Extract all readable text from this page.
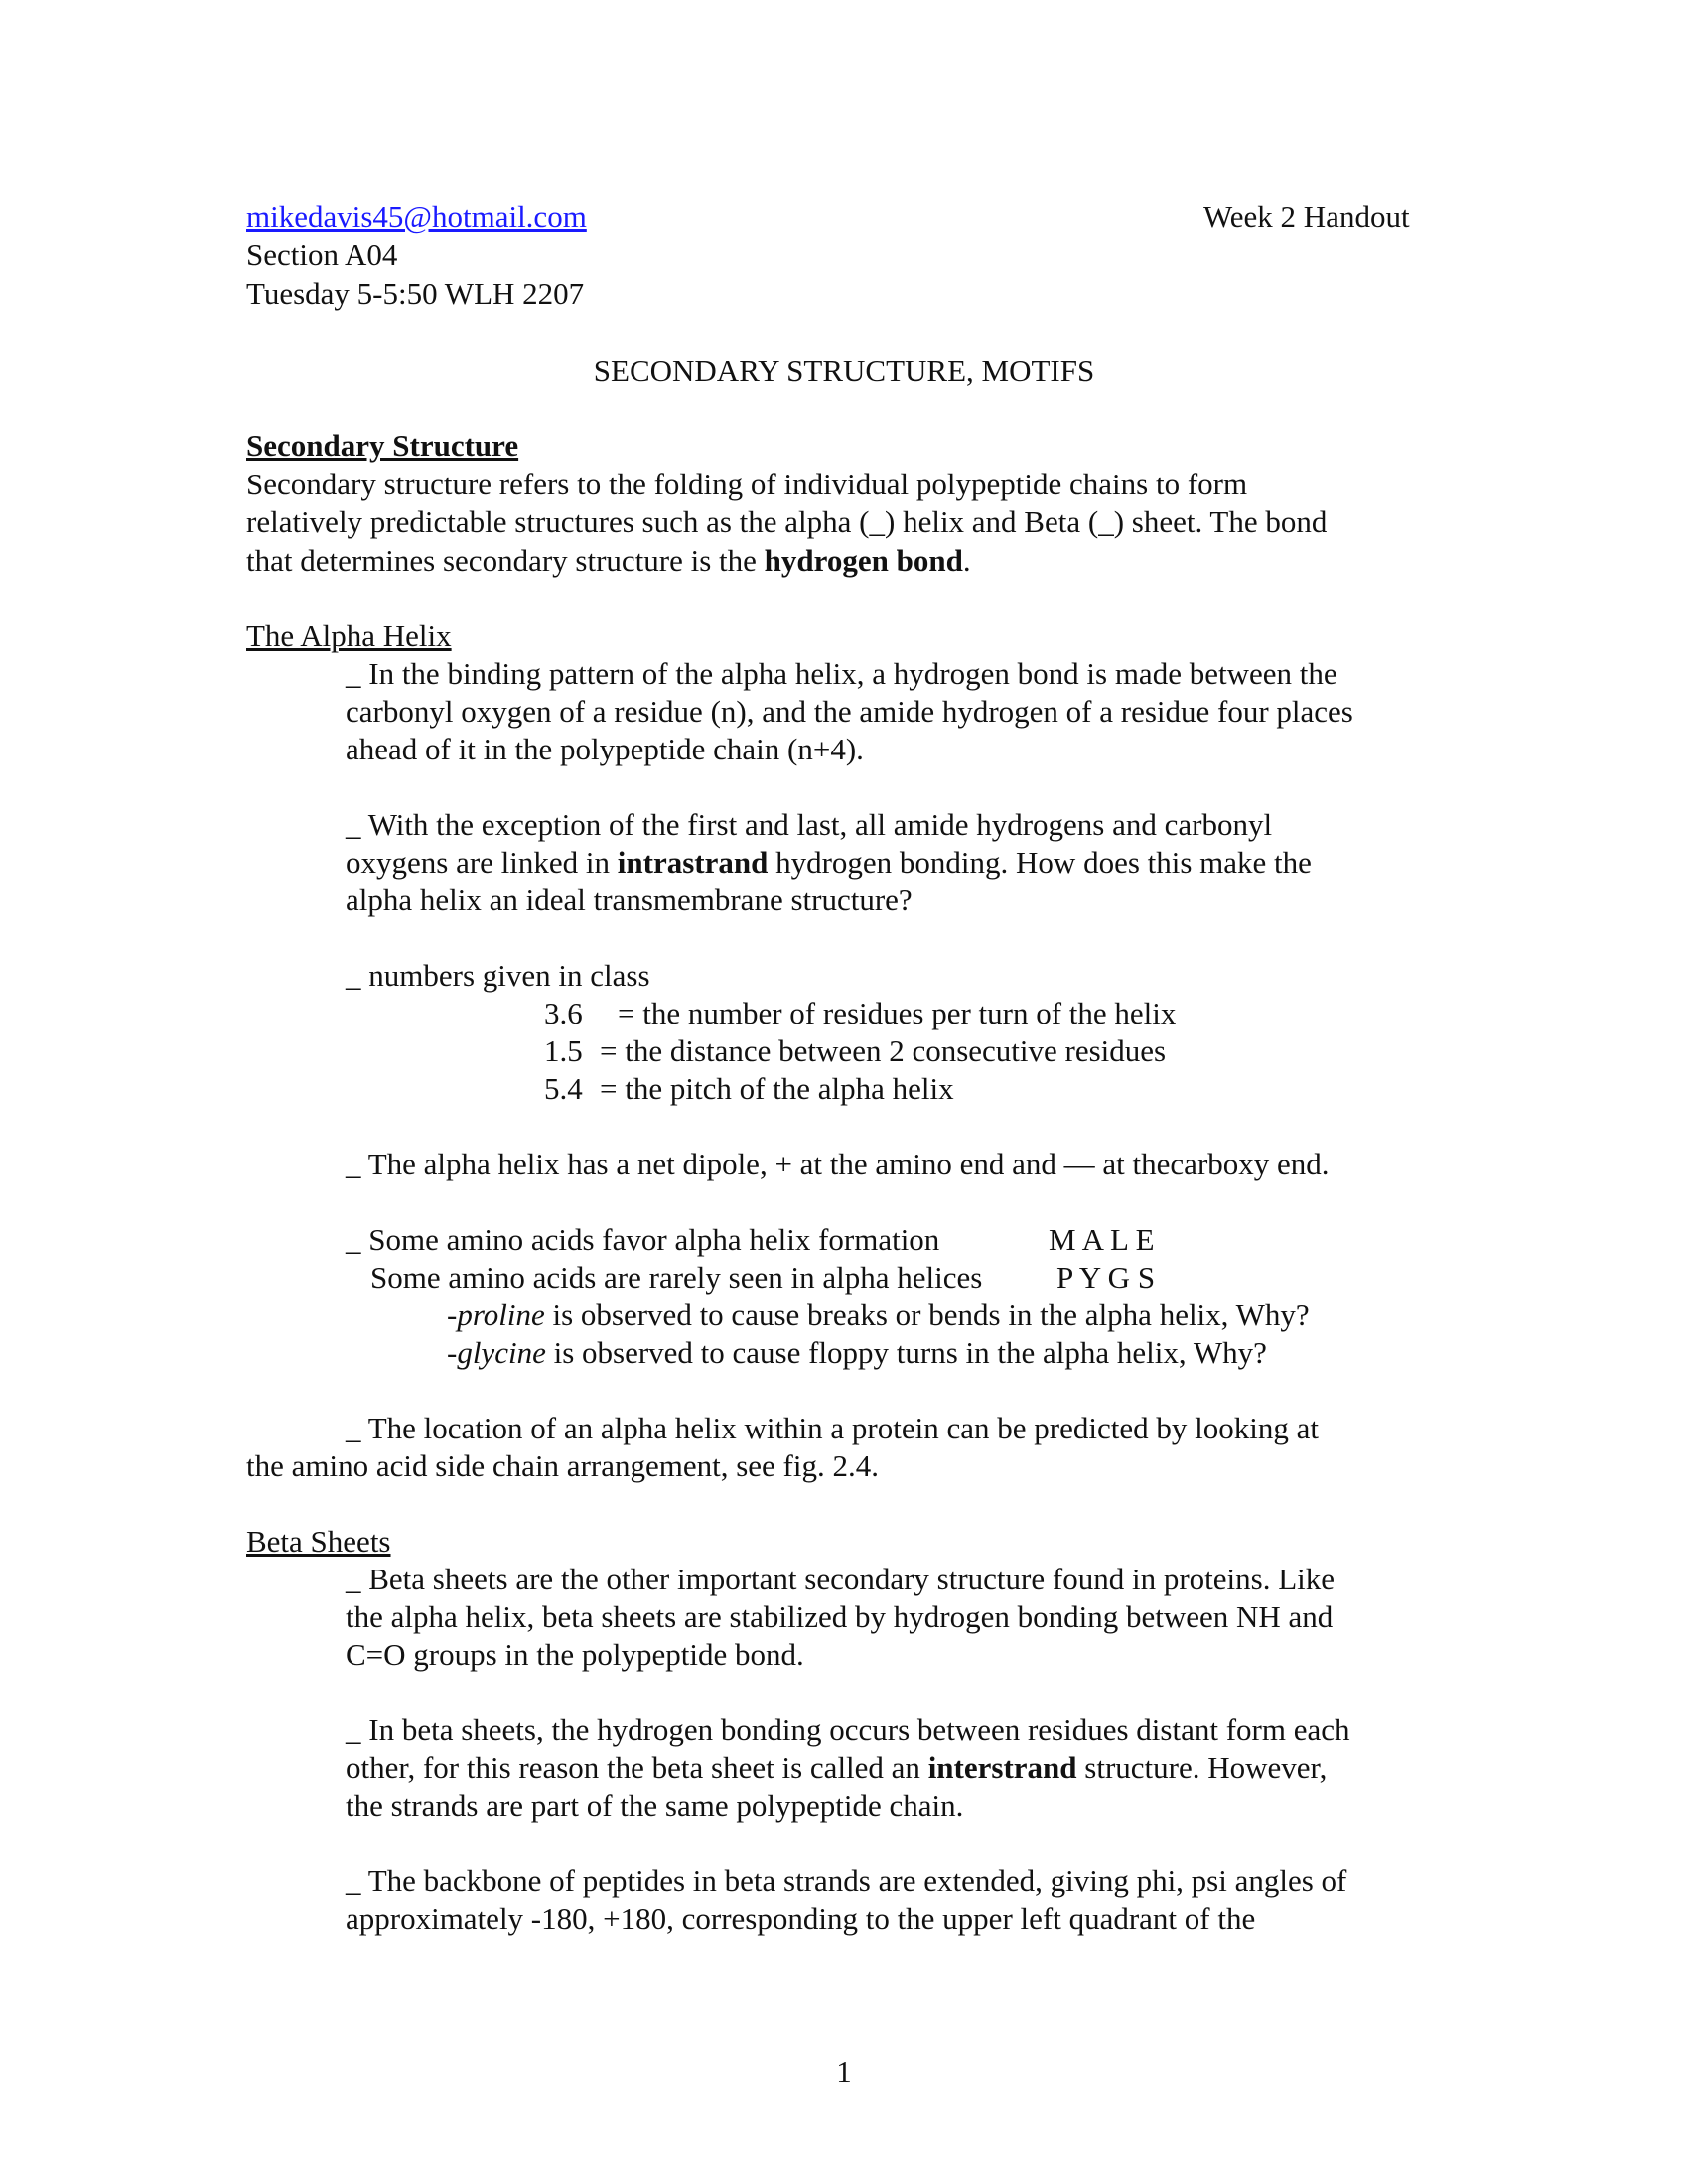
mikedavis45@hotmail.com
Section A04
Tuesday 5-5:50 WLH 2207
Week 2 Handout
SECONDARY STRUCTURE, MOTIFS
Secondary Structure
Secondary structure refers to the folding of individual polypeptide chains to form
relatively predictable structures such as the alpha (_) helix and Beta (_) sheet. The bond
that determines secondary structure is the hydrogen bond.
The Alpha Helix
_ In the binding pattern of the alpha helix, a hydrogen bond is made between the
carbonyl oxygen of a residue (n), and the amide hydrogen of a residue four places
ahead of it in the polypeptide chain (n+4).
_ With the exception of the first and last, all amide hydrogens and carbonyl
oxygens are linked in intrastrand hydrogen bonding. How does this make the
alpha helix an ideal transmembrane structure?
_ numbers given in class
3.6 = the number of residues per turn of the helix
1.5 = the distance between 2 consecutive residues
5.4 = the pitch of the alpha helix
_ The alpha helix has a net dipole, + at the amino end and — at thecarboxy end.
_ Some amino acids favor alpha helix formation	M A L E
Some amino acids are rarely seen in alpha helices P Y G S
-proline is observed to cause breaks or bends in the alpha helix, Why?
-glycine is observed to cause floppy turns in the alpha helix, Why?
_ The location of an alpha helix within a protein can be predicted by looking at
the amino acid side chain arrangement, see fig. 2.4.
Beta Sheets
_ Beta sheets are the other important secondary structure found in proteins. Like
the alpha helix, beta sheets are stabilized by hydrogen bonding between NH and
C=O groups in the polypeptide bond.
_ In beta sheets, the hydrogen bonding occurs between residues distant form each
other, for this reason the beta sheet is called an interstrand structure. However,
the strands are part of the same polypeptide chain.
_ The backbone of peptides in beta strands are extended, giving phi, psi angles of
approximately -180, +180, corresponding to the upper left quadrant of the
1
